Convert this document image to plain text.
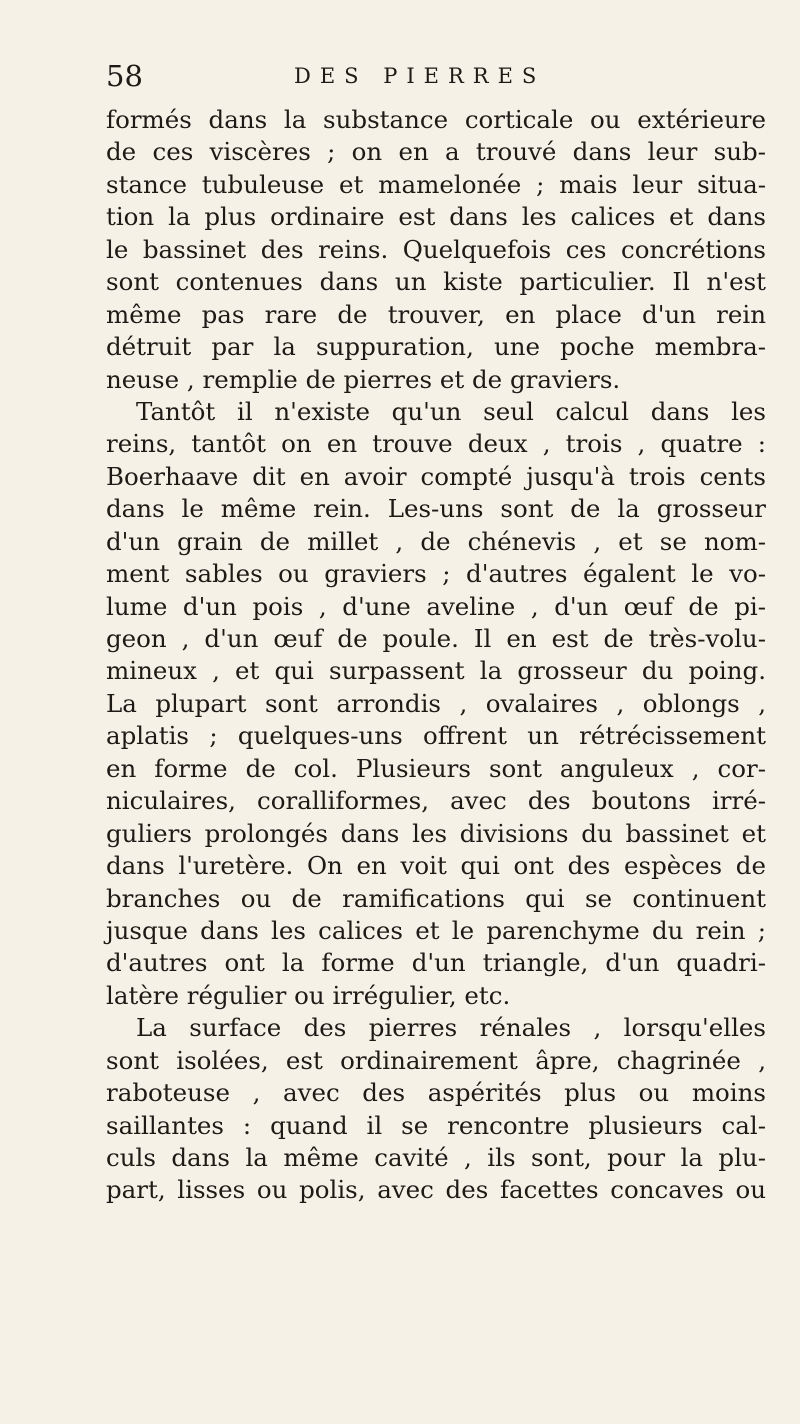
58	DES PIERRES
formés dans la substance corticale ou extérieure
de ces viscères ; on en a trouvé dans leur sub-
stance tubuleuse et mamelonée ; mais leur situa-
tion la plus ordinaire est dans les calices et dans
le bassinet des reins. Quelquefois ces concrétions
sont contenues dans un kiste particulier. Il n'est
même pas rare de trouver, en place d'un rein
détruit par la suppuration, une poche membra-
neuse , remplie de pierres et de graviers.
Tantôt il n'existe qu'un seul calcul dans les
reins, tantôt on en trouve deux , trois , quatre :
Boerhaave dit en avoir compté jusqu'à trois cents
dans le même rein. Les-uns sont de la grosseur
d'un grain de millet , de chénevis , et se nom-
ment sables ou graviers ; d'autres égalent le vo-
lume d'un pois , d'une aveline , d'un œuf de pi-
geon , d'un œuf de poule. Il en est de très-volu-
mineux , et qui surpassent la grosseur du poing.
La plupart sont arrondis , ovalaires , oblongs ,
aplatis ; quelques-uns offrent un rétrécissement
en forme de col. Plusieurs sont anguleux , cor-
niculaires, coralliformes, avec des boutons irré-
guliers prolongés dans les divisions du bassinet et
dans l'uretère. On en voit qui ont des espèces de
branches ou de ramifications qui se continuent
jusque dans les calices et le parenchyme du rein ;
d'autres ont la forme d'un triangle, d'un quadri-
latère régulier ou irrégulier, etc.
La surface des pierres rénales , lorsqu'elles
sont isolées, est ordinairement âpre, chagrinée ,
raboteuse , avec des aspérités plus ou moins
saillantes : quand il se rencontre plusieurs cal-
culs dans la même cavité , ils sont, pour la plu-
part, lisses ou polis, avec des facettes concaves ou
